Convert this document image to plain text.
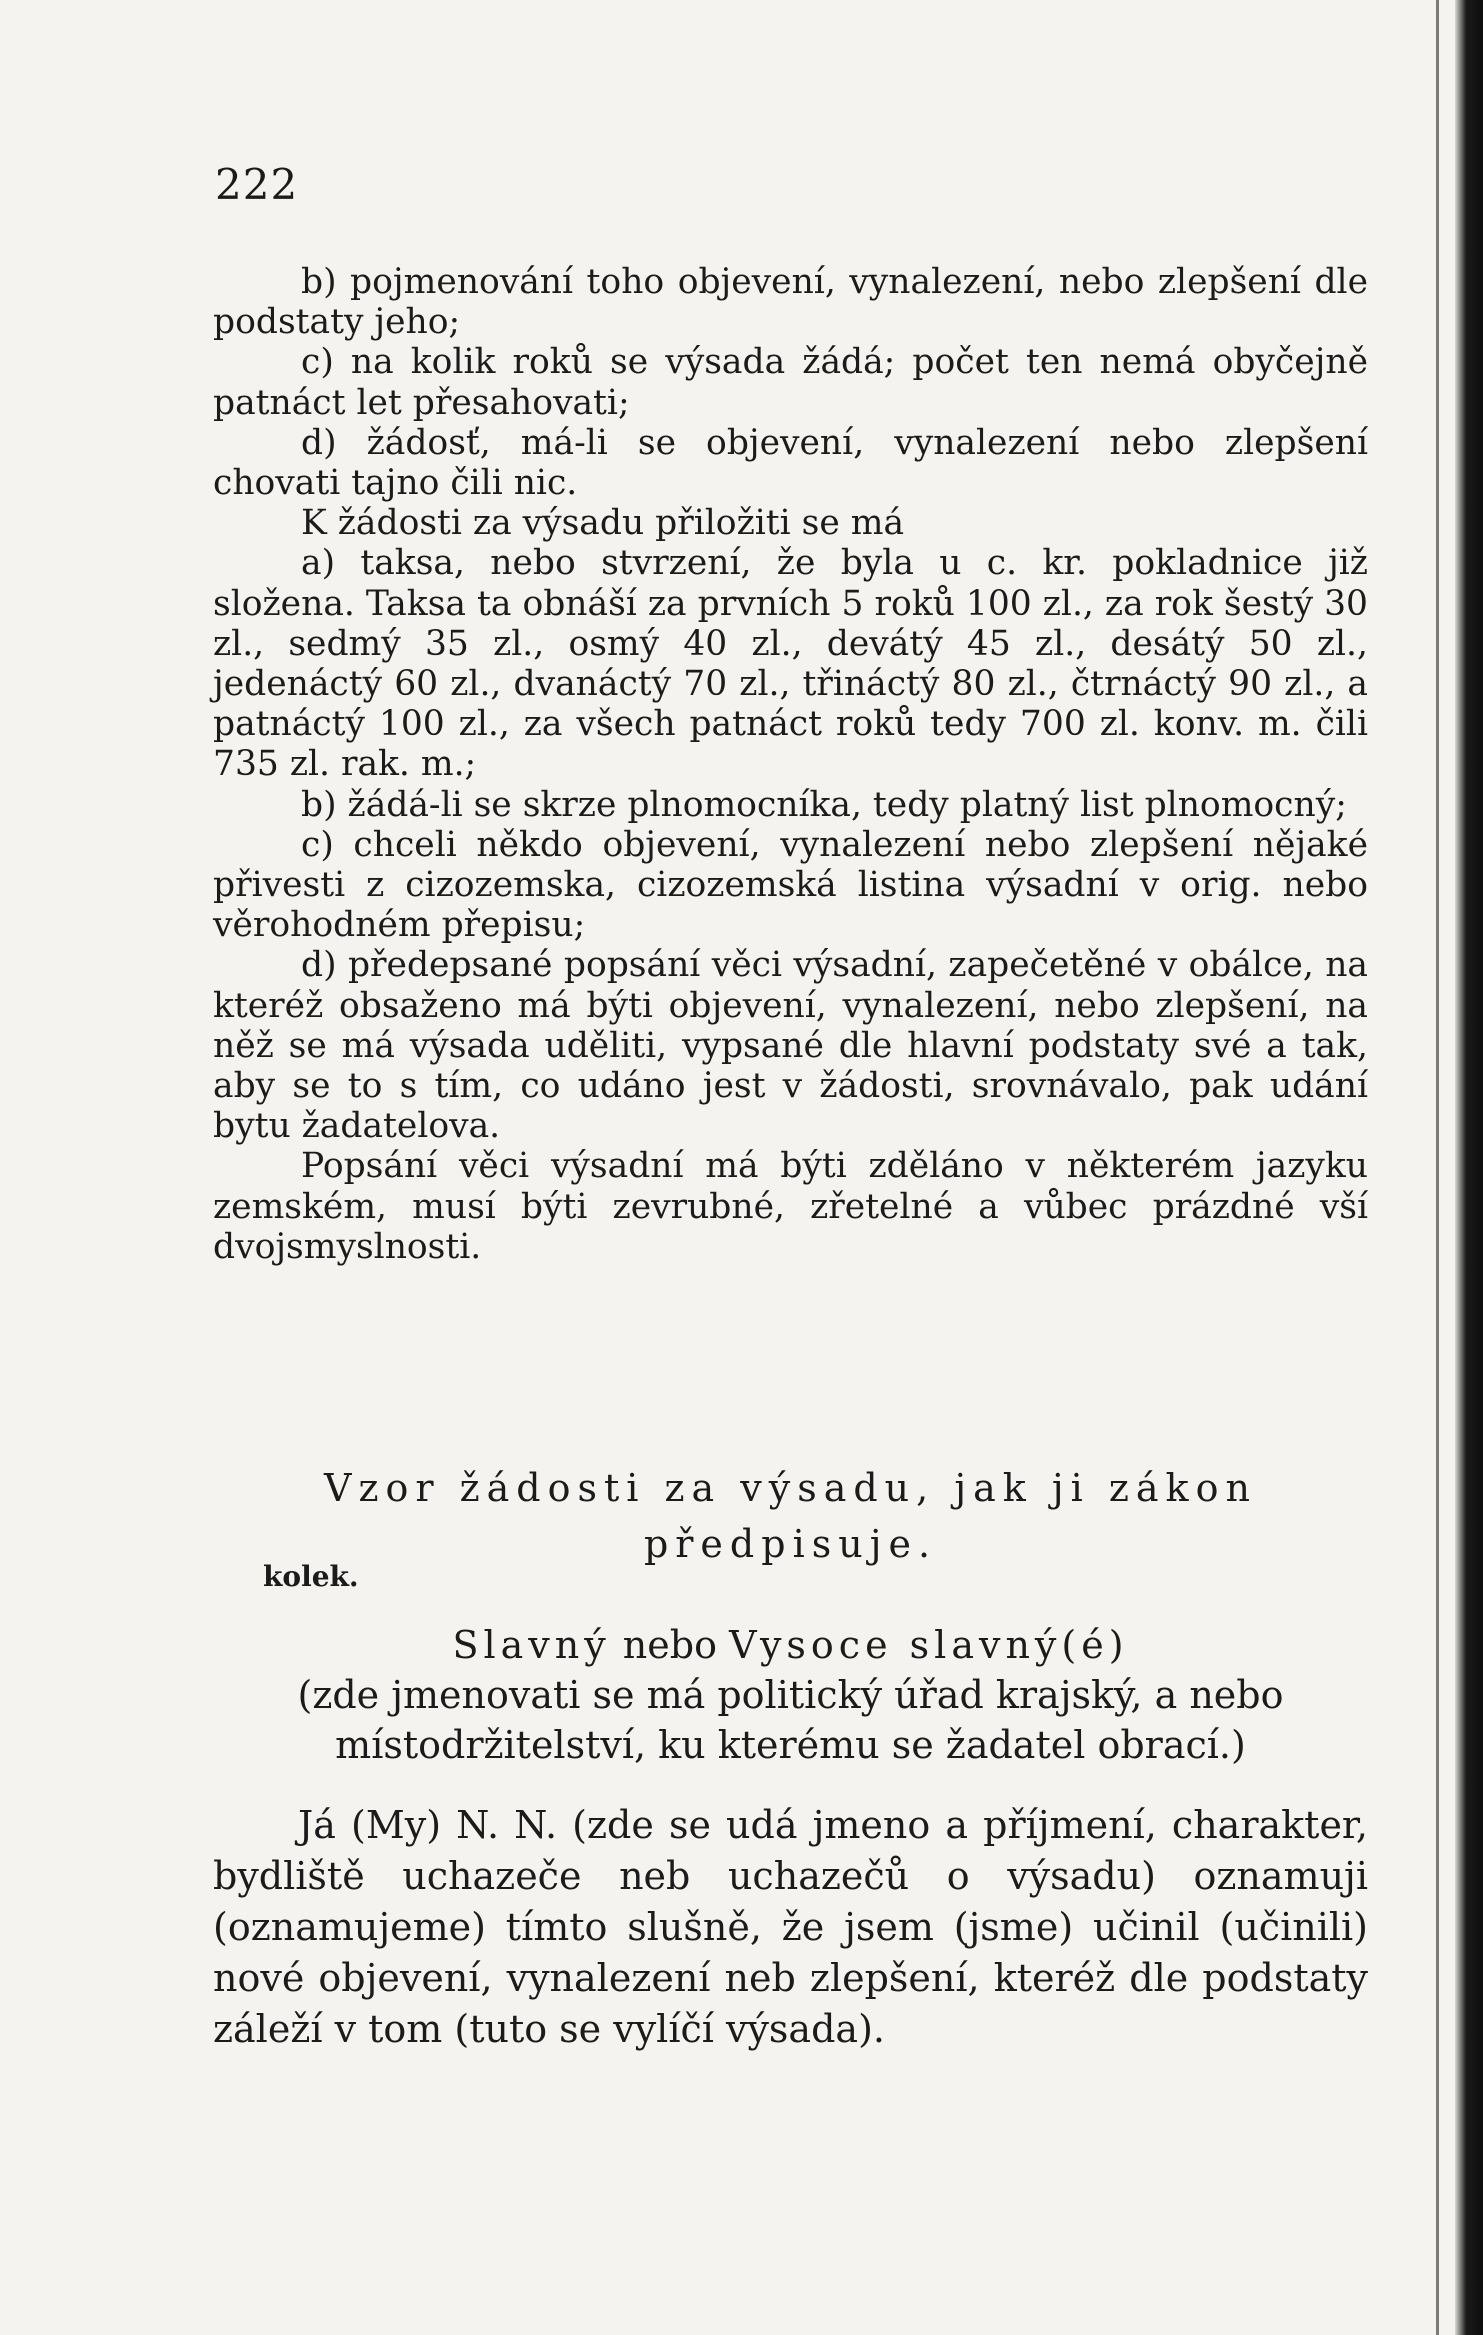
222

b) pojmenování toho objevení, vynalezení, nebo zlepšení dle podstaty jeho;

c) na kolik roků se výsada žádá; počet ten nemá obyčejně patnáct let přesahovati;

d) žádosť, má-li se objevení, vynalezení nebo zlepšení chovati tajno čili nic.

K žádosti za výsadu přiložiti se má

a) taksa, nebo stvrzení, že byla u c. kr. pokladnice již složena. Taksa ta obnáší za prvních 5 roků 100 zl., za rok šestý 30 zl., sedmý 35 zl., osmý 40 zl., devátý 45 zl., desátý 50 zl., jedenáctý 60 zl., dvanáctý 70 zl., třináctý 80 zl., čtrnáctý 90 zl., a patnáctý 100 zl., za všech patnáct roků tedy 700 zl. konv. m. čili 735 zl. rak. m.;

b) žádá-li se skrze plnomocníka, tedy platný list plnomocný;

c) chceli někdo objevení, vynalezení nebo zlepšení nějaké přivesti z cizozemska, cizozemská listina výsadní v orig. nebo věrohodném přepisu;

d) předepsané popsání věci výsadní, zapečetěné v obálce, na kteréž obsaženo má býti objevení, vynalezení, nebo zlepšení, na něž se má výsada uděliti, vypsané dle hlavní podstaty své a tak, aby se to s tím, co udáno jest v žádosti, srovnávalo, pak udání bytu žadatelova.

Popsání věci výsadní má býti zděláno v některém jazyku zemském, musí býti zevrubné, zřetelné a vůbec prázdné vší dvojsmyslnosti.

Vzor žádosti za výsadu, jak ji zákon předpisuje.

kolek.

Slavný nebo Vysoce slavný(é)

(zde jmenovati se má politický úřad krajský, a nebo místodržitelství, ku kterému se žadatel obrací.)

Já (My) N. N. (zde se udá jmeno a příjmení, charakter, bydliště uchazeče neb uchazečů o výsadu) oznamuji (oznamujeme) tímto slušně, že jsem (jsme) učinil (učinili) nové objevení, vynalezení neb zlepšení, kteréž dle podstaty záleží v tom (tuto se vylíčí výsada).
